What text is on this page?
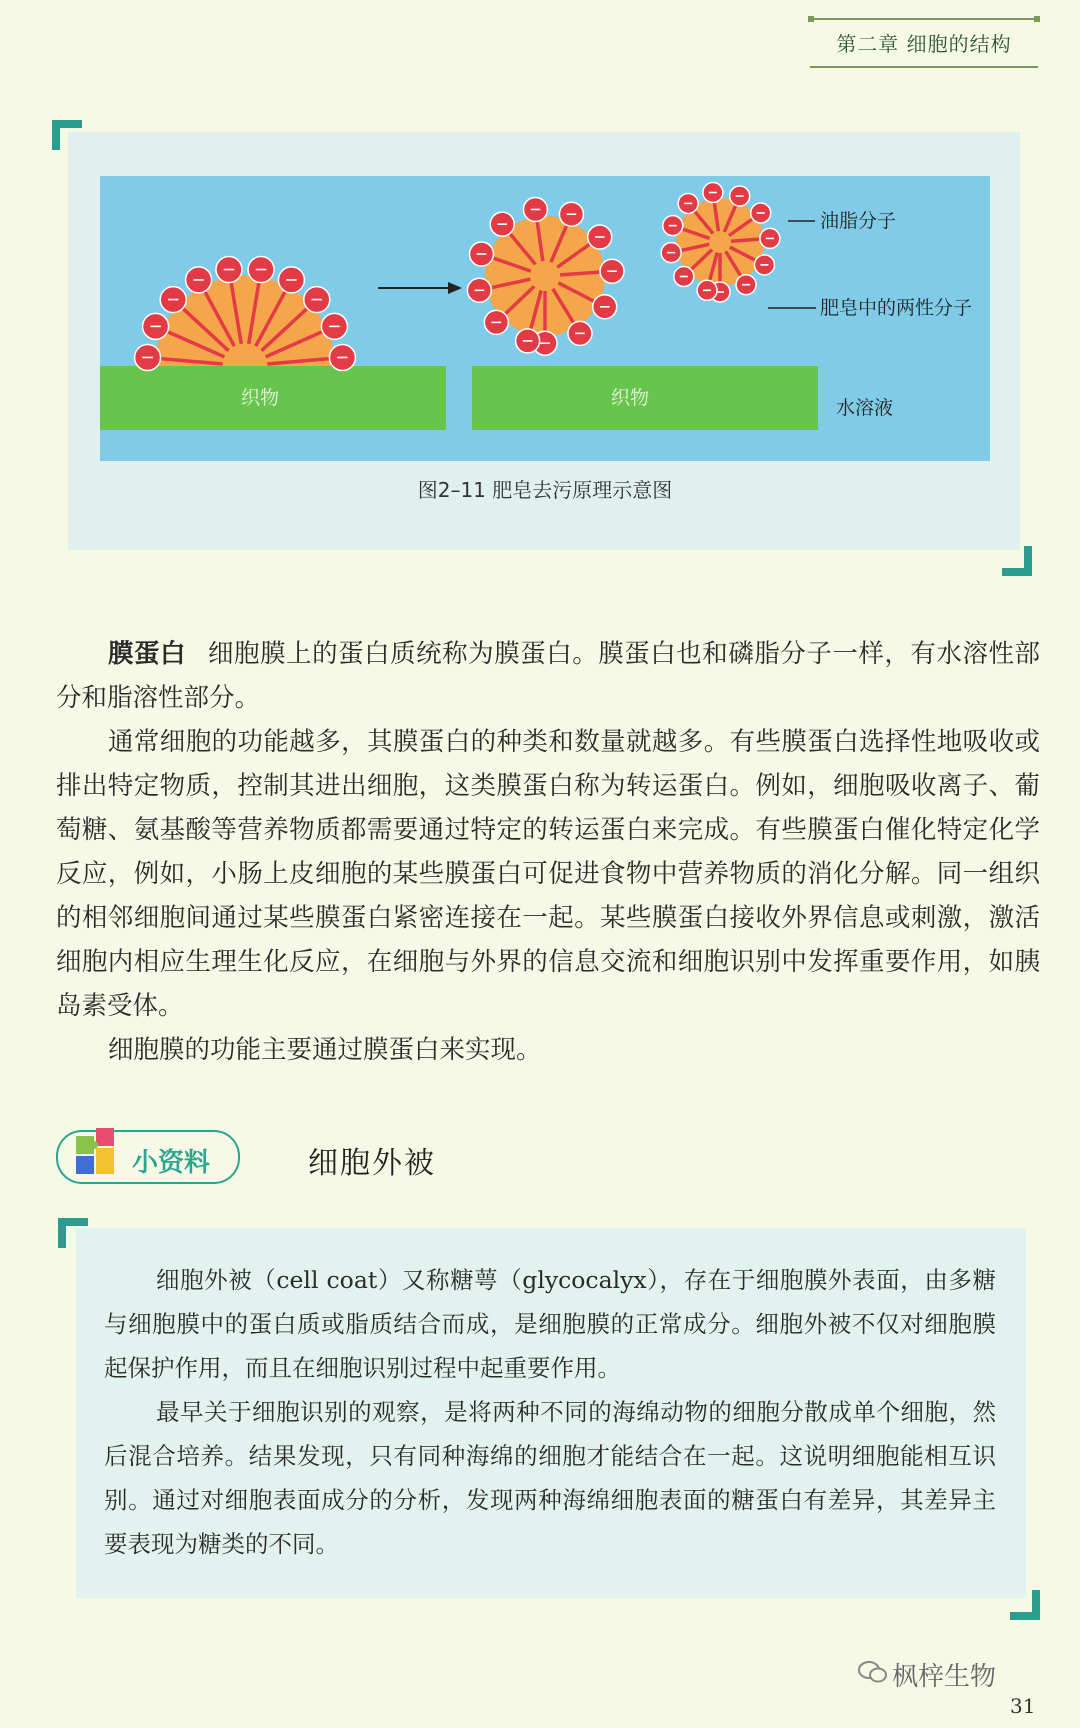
第二章 细胞的结构
织物	织物
油脂分子
肥皂中的两性分子
水溶液
图2–11 肥皂去污原理示意图

膜蛋白 细胞膜上的蛋白质统称为膜蛋白。膜蛋白也和磷脂分子一样，有水溶性部分和脂溶性部分。

通常细胞的功能越多，其膜蛋白的种类和数量就越多。有些膜蛋白选择性地吸收或排出特定物质，控制其进出细胞，这类膜蛋白称为转运蛋白。例如，细胞吸收离子、葡萄糖、氨基酸等营养物质都需要通过特定的转运蛋白来完成。有些膜蛋白催化特定化学反应，例如，小肠上皮细胞的某些膜蛋白可促进食物中营养物质的消化分解。同一组织的相邻细胞间通过某些膜蛋白紧密连接在一起。某些膜蛋白接收外界信息或刺激，激活细胞内相应生理生化反应，在细胞与外界的信息交流和细胞识别中发挥重要作用，如胰岛素受体。

细胞膜的功能主要通过膜蛋白来实现。

小资料	细胞外被

细胞外被（cell coat）又称糖萼（glycocalyx），存在于细胞膜外表面，由多糖与细胞膜中的蛋白质或脂质结合而成，是细胞膜的正常成分。细胞外被不仅对细胞膜起保护作用，而且在细胞识别过程中起重要作用。

最早关于细胞识别的观察，是将两种不同的海绵动物的细胞分散成单个细胞，然后混合培养。结果发现，只有同种海绵的细胞才能结合在一起。这说明细胞能相互识别。通过对细胞表面成分的分析，发现两种海绵细胞表面的糖蛋白有差异，其差异主要表现为糖类的不同。

枫梓生物
31
